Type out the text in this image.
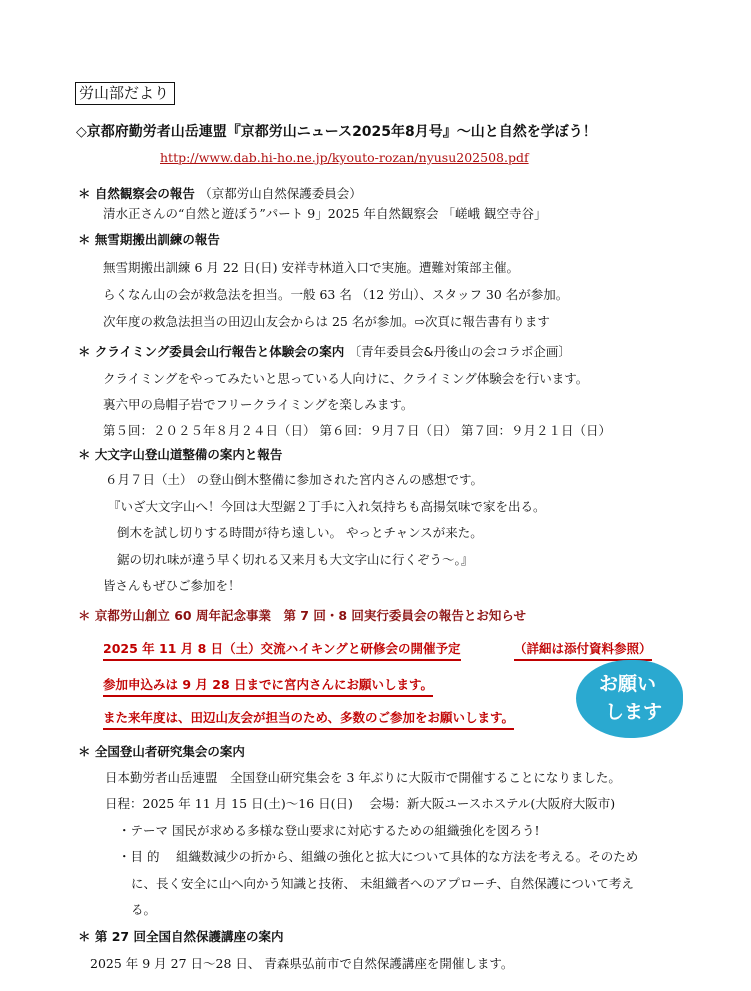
労山部だより
◇京都府勤労者山岳連盟『京都労山ニュース2025年8月号』～山と自然を学ぼう！
http://www.dab.hi-ho.ne.jp/kyouto-rozan/nyusu202508.pdf
＊ 自然観察会の報告 （京都労山自然保護委員会）
清水正さんの“自然と遊ぼう”パート 9」2025 年自然観察会 「嵯峨 観空寺谷」
＊ 無雪期搬出訓練の報告
無雪期搬出訓練 6 月 22 日(日) 安祥寺林道入口で実施。遭難対策部主催。
らくなん山の会が救急法を担当。一般 63 名 （12 労山）、スタッフ 30 名が参加。
次年度の救急法担当の田辺山友会からは 25 名が参加。⇨次頁に報告書有ります
＊ クライミング委員会山行報告と体験会の案内 〔青年委員会&丹後山の会コラボ企画〕
クライミングをやってみたいと思っている人向けに、クライミング体験会を行います。
裏六甲の鳥帽子岩でフリークライミングを楽しみます。
第５回：２０２５年８月２４日（日） 第６回：９月７日（日） 第７回：９月２１日（日）
＊ 大文字山登山道整備の案内と報告
６月７日（土） の登山倒木整備に参加された宮内さんの感想です。
『いざ大文字山へ！今回は大型鋸２丁手に入れ気持ちも高揚気味で家を出る。
倒木を試し切りする時間が待ち遠しい。 やっとチャンスが来た。
鋸の切れ味が違う早く切れる又来月も大文字山に行くぞう～。』
皆さんもぜひご参加を！
＊ 京都労山創立 60 周年記念事業　第 7 回・8 回実行委員会の報告とお知らせ
2025 年 11 月 8 日（土）交流ハイキングと研修会の開催予定	（詳細は添付資料参照）
参加申込みは 9 月 28 日までに宮内さんにお願いします。
また来年度は、田辺山友会が担当のため、多数のご参加をお願いします。
お願い
します
＊ 全国登山者研究集会の案内
日本勤労者山岳連盟　全国登山研究集会を 3 年ぶりに大阪市で開催することになりました。
日程：2025 年 11 月 15 日(土)～16 日(日)　 会場：新大阪ユースホステル(大阪府大阪市)
・テーマ 国民が求める多様な登山要求に対応するための組織強化を図ろう!
・目 的　 組織数減少の折から、組織の強化と拡大について具体的な方法を考える。そのため
に、長く安全に山へ向かう知識と技術、 未組織者へのアプローチ、自然保護について考え
る。
＊ 第 27 回全国自然保護講座の案内
2025 年 9 月 27 日～28 日、 青森県弘前市で自然保護講座を開催します。
